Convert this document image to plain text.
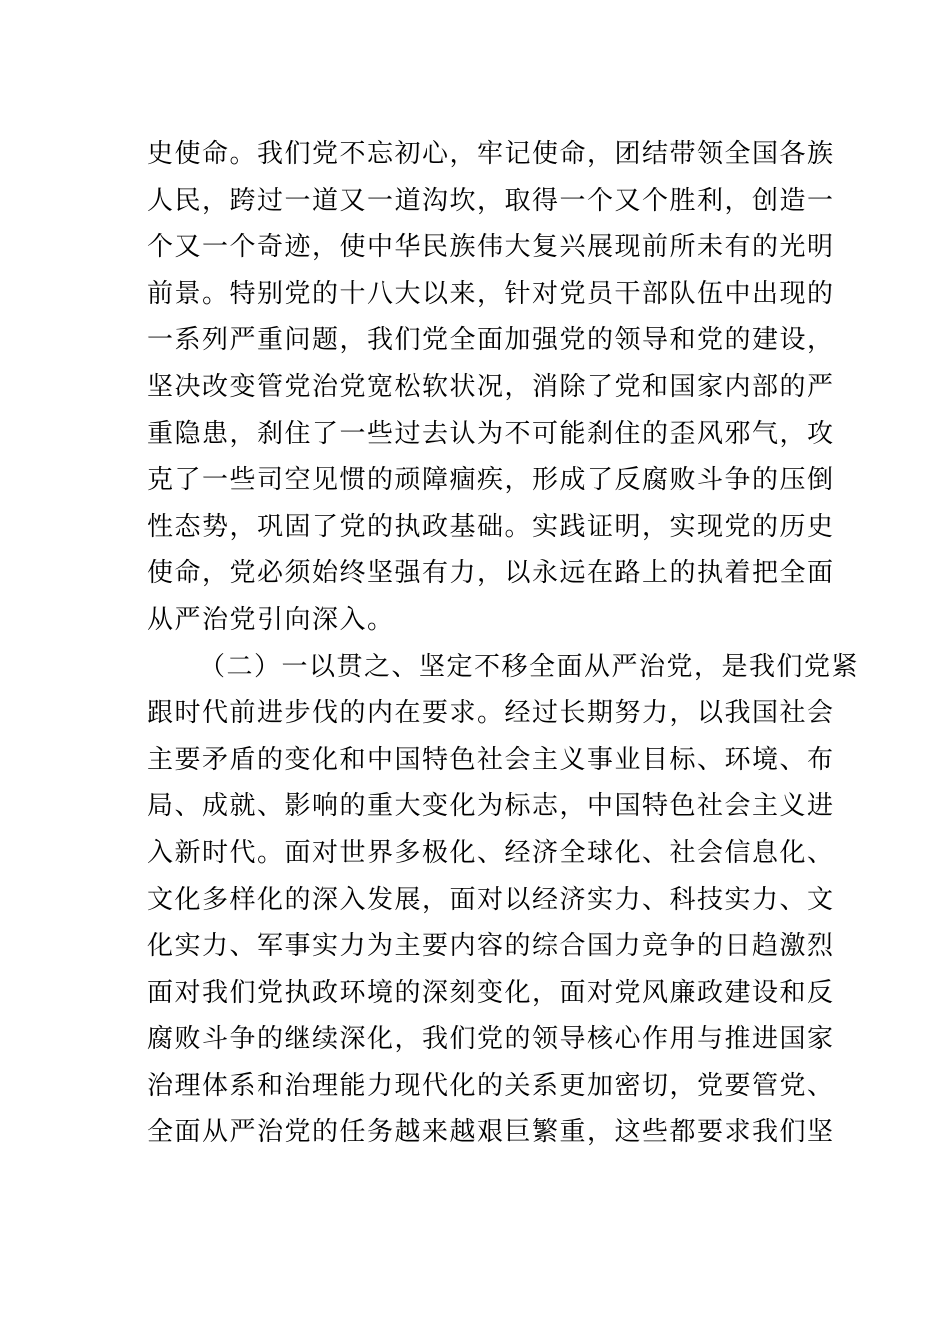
史使命。我们党不忘初心，牢记使命，团结带领全国各族
人民，跨过一道又一道沟坎，取得一个又个胜利，创造一
个又一个奇迹，使中华民族伟大复兴展现前所未有的光明
前景。特别党的十八大以来，针对党员干部队伍中出现的
一系列严重问题，我们党全面加强党的领导和党的建设，
坚决改变管党治党宽松软状况，消除了党和国家内部的严
重隐患，刹住了一些过去认为不可能刹住的歪风邪气，攻
克了一些司空见惯的顽障痼疾，形成了反腐败斗争的压倒
性态势，巩固了党的执政基础。实践证明，实现党的历史
使命，党必须始终坚强有力，以永远在路上的执着把全面
从严治党引向深入。
（二）一以贯之、坚定不移全面从严治党，是我们党紧
跟时代前进步伐的内在要求。经过长期努力，以我国社会
主要矛盾的变化和中国特色社会主义事业目标、环境、布
局、成就、影响的重大变化为标志，中国特色社会主义进
入新时代。面对世界多极化、经济全球化、社会信息化、
文化多样化的深入发展，面对以经济实力、科技实力、文
化实力、军事实力为主要内容的综合国力竞争的日趋激烈
面对我们党执政环境的深刻变化，面对党风廉政建设和反
腐败斗争的继续深化，我们党的领导核心作用与推进国家
治理体系和治理能力现代化的关系更加密切，党要管党、
全面从严治党的任务越来越艰巨繁重，这些都要求我们坚
